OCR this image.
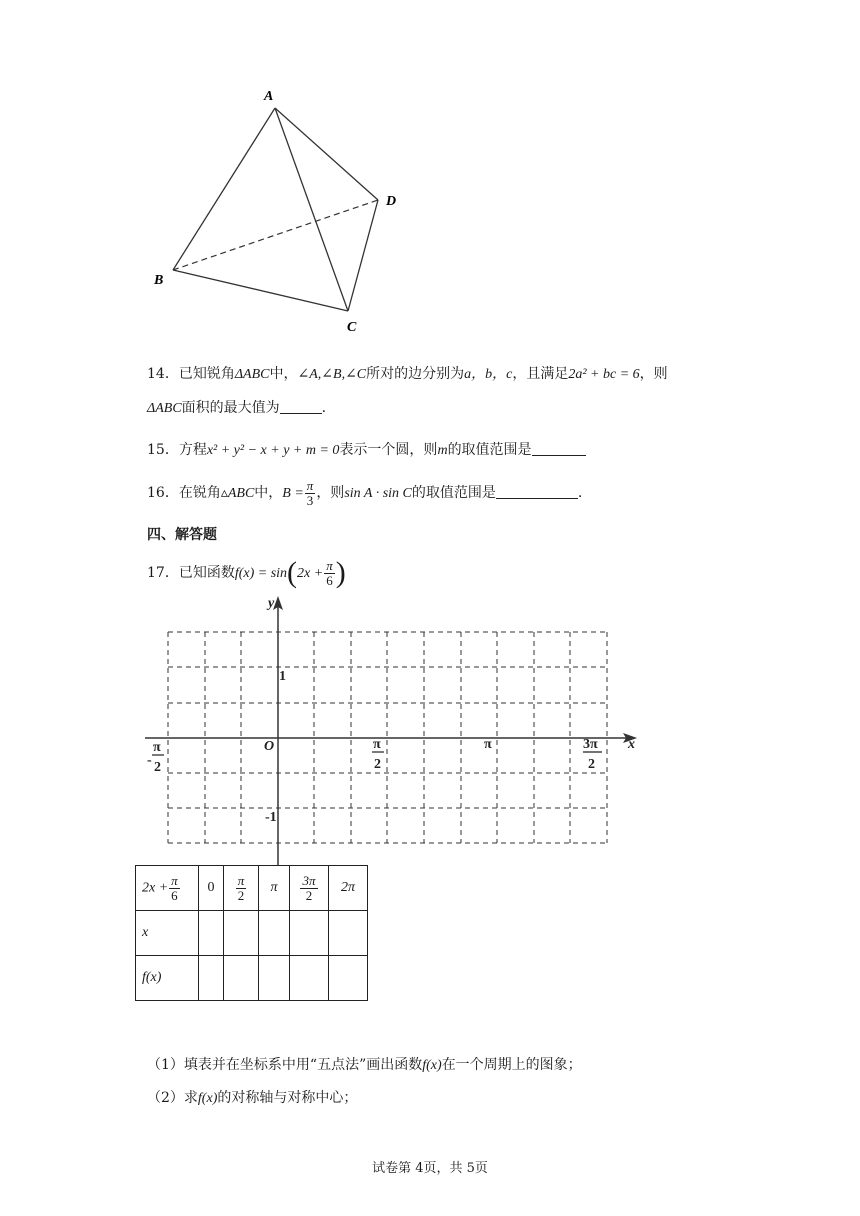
A
B
C
D
14．已知锐角ΔABC中，∠A,∠B,∠C所对的边分别为a，b，c，且满足2a² + bc = 6，则
ΔABC面积的最大值为	.
15．方程x² + y² − x + y + m = 0表示一个圆，则m的取值范围是
16．在锐角▵ABC中，$B = \frac{\pi}{3}$ ，则sin A · sin C的取值范围是	.
四、解答题
17．已知函数$f(x) = \sin(2x + \frac{\pi}{6}$ )
y
x
O
1
-1
-
π
2
π
2
π	3π
2
$2x + \frac{\pi}{6}$	0	$\frac{\pi}{2}$	π	$\frac{3\pi}{2}$	2π
x					
f(x)					
（1）填表并在坐标系中用“五点法”画出函数f(x)在一个周期上的图象；
（2）求f(x)的对称轴与对称中心；
试卷第 4页，共 5页
